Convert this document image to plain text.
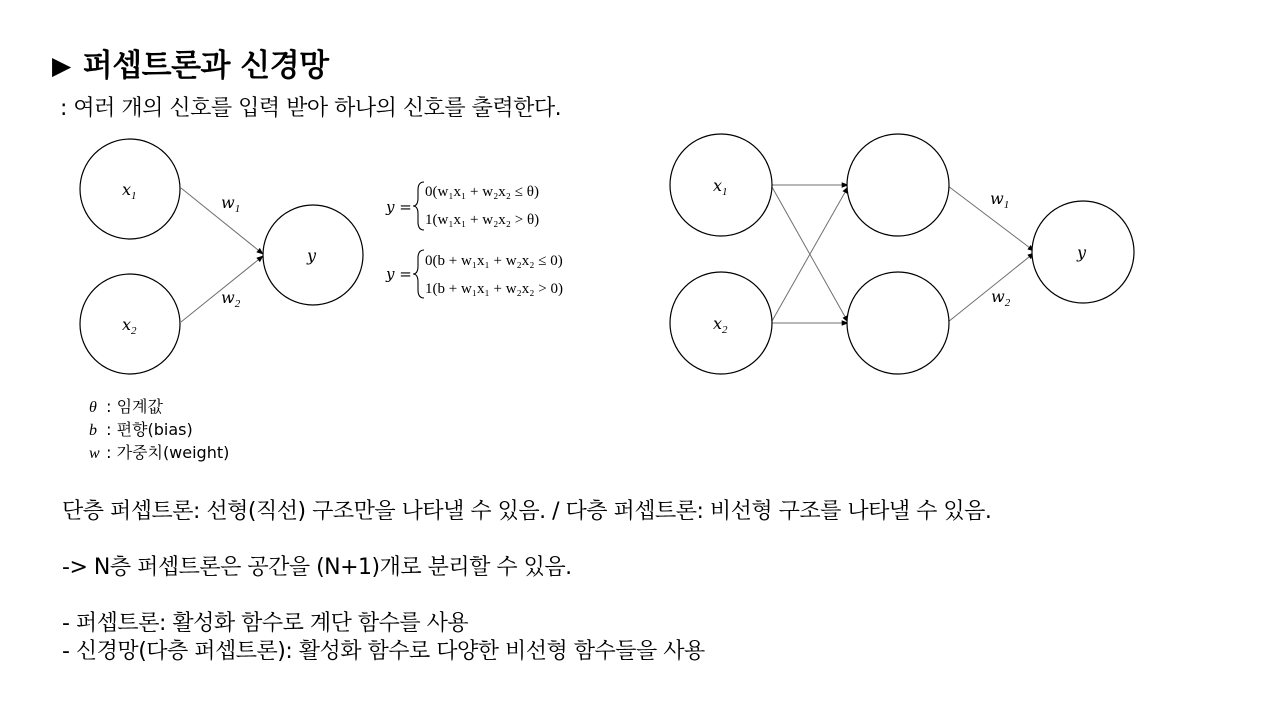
▶ 퍼셉트론과 신경망
: 여러 개의 신호를 입력 받아 하나의 신호를 출력한다.
$x_1$
$x_2$
y
$w_1$
$w_2$
y =
0(w₁x₁ + w₂x₂ ≤ θ)
1(w₁x₁ + w₂x₂ > θ)
y =
0(b + w₁x₁ + w₂x₂ ≤ 0)
1(b + w₁x₁ + w₂x₂ > 0)
$x_1$
$x_2$
y
$w_1$
$w_2$
θ : 임계값
b : 편향(bias)
w : 가중치(weight)
단층 퍼셉트론: 선형(직선) 구조만을 나타낼 수 있음. / 다층 퍼셉트론: 비선형 구조를 나타낼 수 있음.
-> N층 퍼셉트론은 공간을 (N+1)개로 분리할 수 있음.
- 퍼셉트론: 활성화 함수로 계단 함수를 사용
- 신경망(다층 퍼셉트론): 활성화 함수로 다양한 비선형 함수들을 사용
